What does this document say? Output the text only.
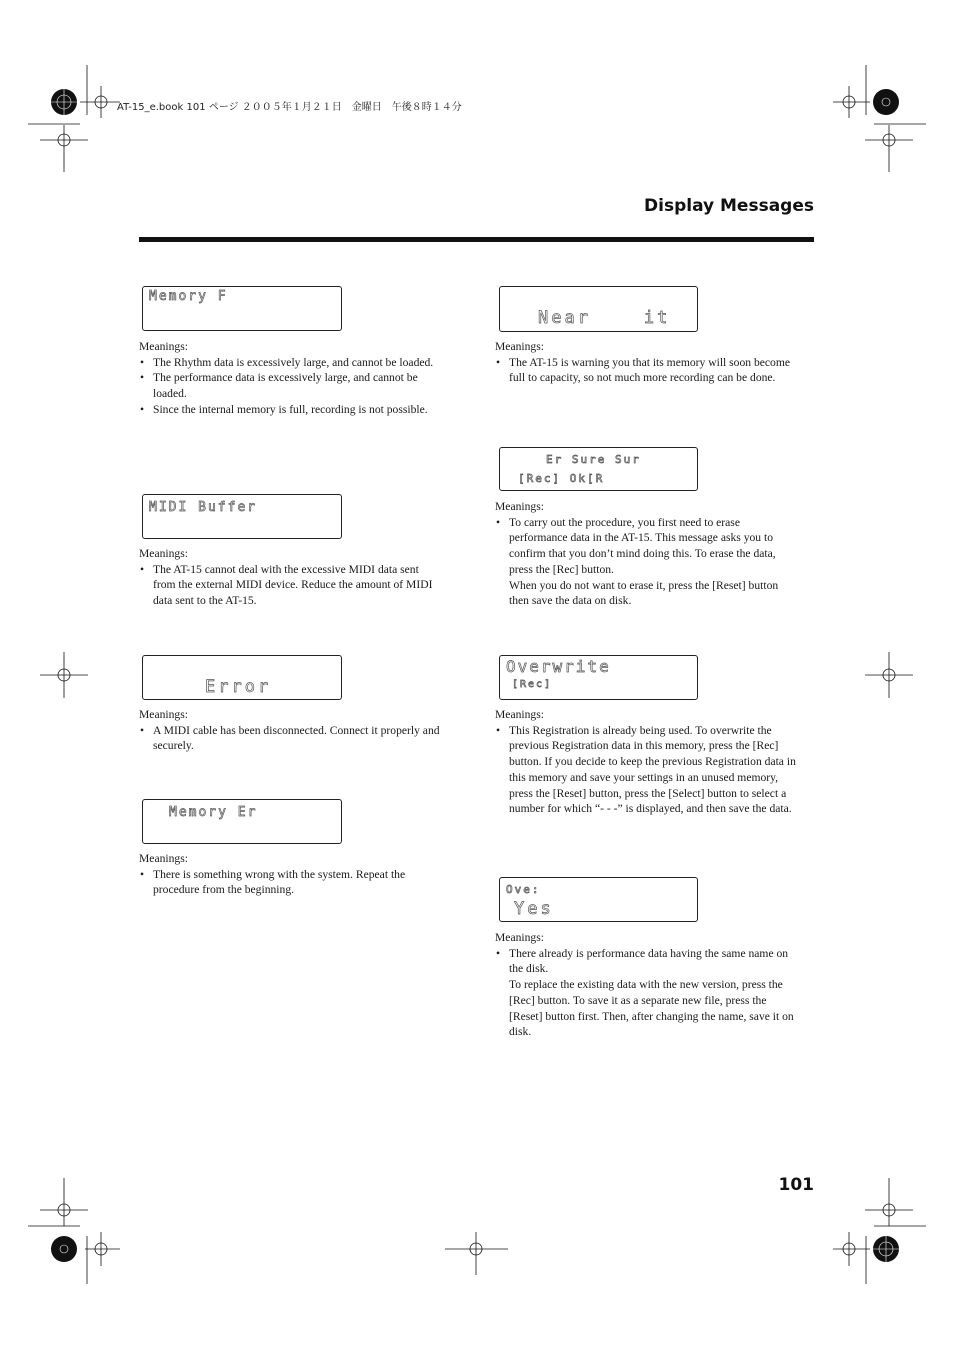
AT-15_e.book 101 ページ ２００５年１月２１日　金曜日　午後８時１４分
Display Messages

Memory F

Meanings:

• The Rhythm data is excessively large, and cannot be loaded.
• The performance data is excessively large, and cannot be loaded.
• Since the internal memory is full, recording is not possible.

MIDI Buffer

Meanings:

• The AT-15 cannot deal with the excessive MIDI data sent from the external MIDI device. Reduce the amount of MIDI data sent to the AT-15.

Error

Meanings:

• A MIDI cable has been disconnected. Connect it properly and securely.

Memory Er

Meanings:

• There is something wrong with the system. Repeat the procedure from the beginning.

Near    it

Meanings:

• The AT-15 is warning you that its memory will soon become full to capacity, so not much more recording can be done.

Er Sure Sur

[Rec] Ok[R

Meanings:

• To carry out the procedure, you first need to erase performance data in the AT-15. This message asks you to confirm that you don’t mind doing this. To erase the data, press the [Rec] button.
When you do not want to erase it, press the [Reset] button then save the data on disk.

Overwrite

[Rec]

Meanings:

• This Registration is already being used. To overwrite the previous Registration data in this memory, press the [Rec] button. If you decide to keep the previous Registration data in this memory and save your settings in an unused memory, press the [Reset] button, press the [Select] button to select a number for which “- - -” is displayed, and then save the data.

Ove:

Yes

Meanings:

• There already is performance data having the same name on the disk.
To replace the existing data with the new version, press the [Rec] button. To save it as a separate new file, press the [Reset] button first. Then, after changing the name, save it on disk.
101
